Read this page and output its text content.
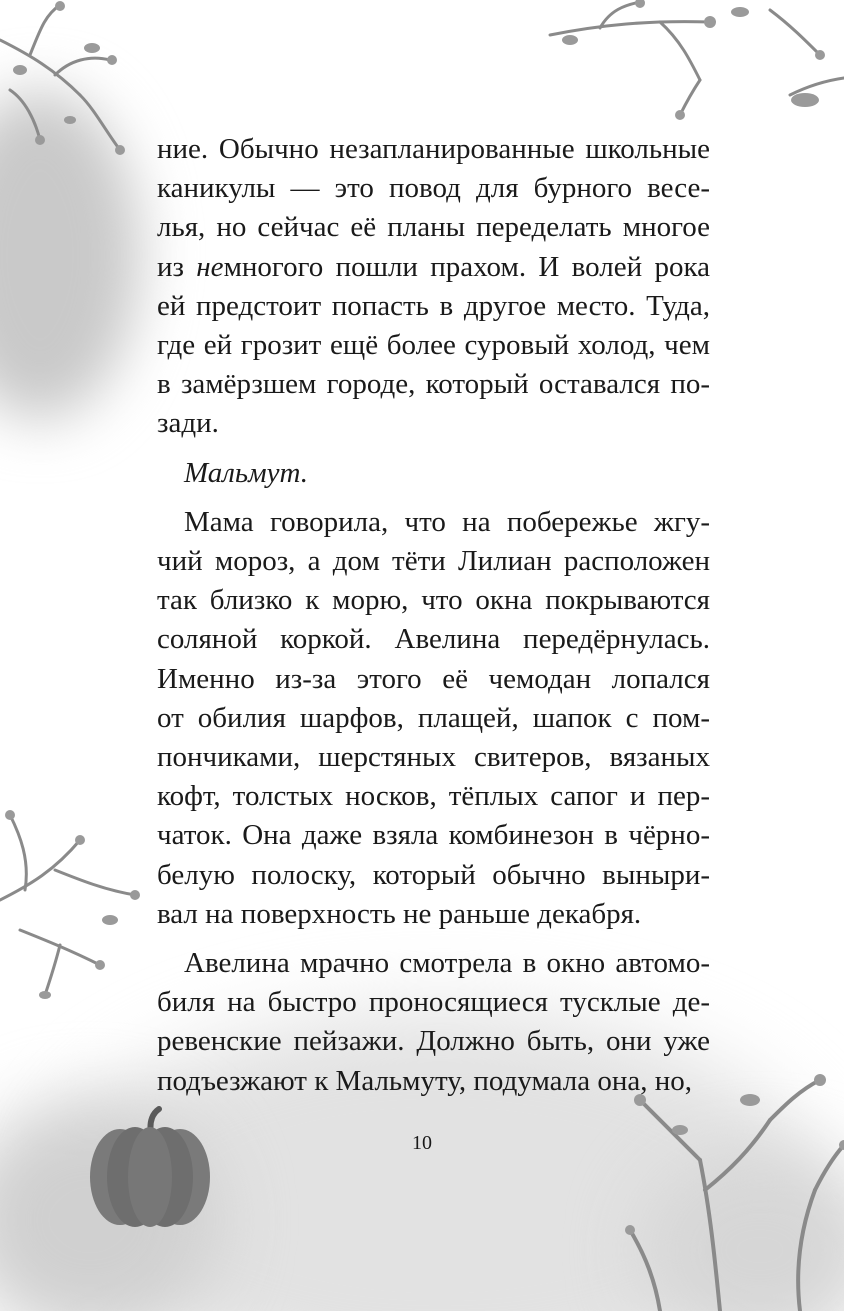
ние. Обычно незапланированные школьные

каникулы — это повод для бурного весе-

лья, но сейчас её планы переделать многое

из немногого пошли прахом. И волей рока

ей предстоит попасть в другое место. Туда,

где ей грозит ещё более суровый холод, чем

в замёрзшем городе, который оставался по-

зади.

Мальмут.

Мама говорила, что на побережье жгу-

чий мороз, а дом тёти Лилиан расположен

так близко к морю, что окна покрываются

соляной коркой. Авелина передёрнулась.

Именно из-за этого её чемодан лопался

от обилия шарфов, плащей, шапок с пом-

пончиками, шерстяных свитеров, вязаных

кофт, толстых носков, тёплых сапог и пер-

чаток. Она даже взяла комбинезон в чёрно-

белую полоску, который обычно выныри-

вал на поверхность не раньше декабря.

Авелина мрачно смотрела в окно автомо-

биля на быстро проносящиеся тусклые де-

ревенские пейзажи. Должно быть, они уже

подъезжают к Мальмуту, подумала она, но,

10
